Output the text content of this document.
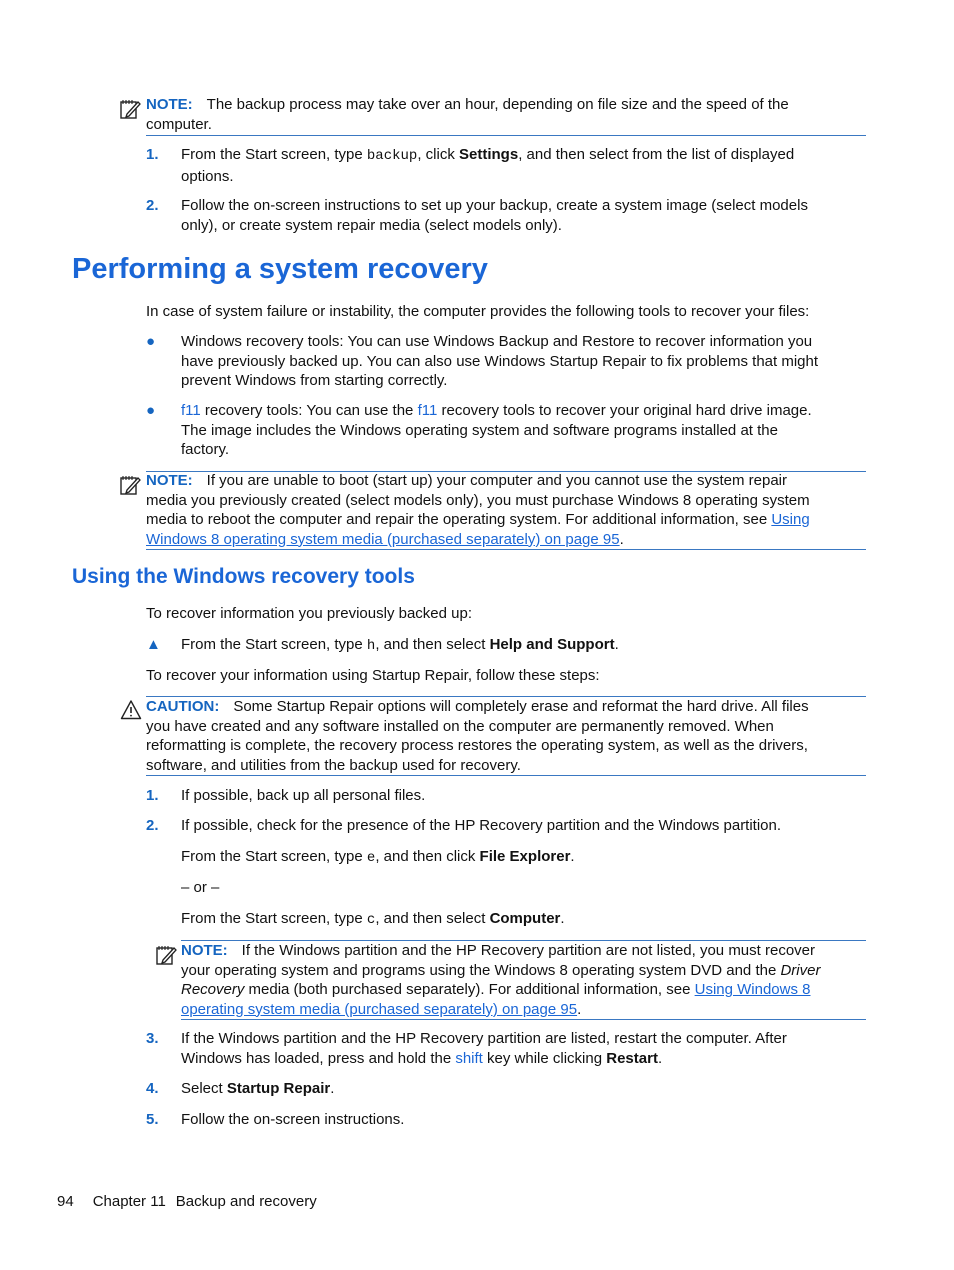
NOTE: The backup process may take over an hour, depending on file size and the speed of the
computer.
1. From the Start screen, type backup, click Settings, and then select from the list of displayed
options.
2. Follow the on-screen instructions to set up your backup, create a system image (select models
only), or create system repair media (select models only).
Performing a system recovery
In case of system failure or instability, the computer provides the following tools to recover your files:
● Windows recovery tools: You can use Windows Backup and Restore to recover information you
have previously backed up. You can also use Windows Startup Repair to fix problems that might
prevent Windows from starting correctly.
● f11 recovery tools: You can use the f11 recovery tools to recover your original hard drive image.
The image includes the Windows operating system and software programs installed at the
factory.
NOTE: If you are unable to boot (start up) your computer and you cannot use the system repair
media you previously created (select models only), you must purchase Windows 8 operating system
media to reboot the computer and repair the operating system. For additional information, see Using
Windows 8 operating system media (purchased separately) on page 95.
Using the Windows recovery tools
To recover information you previously backed up:
▲ From the Start screen, type h, and then select Help and Support.
To recover your information using Startup Repair, follow these steps:
CAUTION: Some Startup Repair options will completely erase and reformat the hard drive. All files
you have created and any software installed on the computer are permanently removed. When
reformatting is complete, the recovery process restores the operating system, as well as the drivers,
software, and utilities from the backup used for recovery.
1. If possible, back up all personal files.
2. If possible, check for the presence of the HP Recovery partition and the Windows partition.
From the Start screen, type e, and then click File Explorer.
– or –
From the Start screen, type c, and then select Computer.
NOTE: If the Windows partition and the HP Recovery partition are not listed, you must recover
your operating system and programs using the Windows 8 operating system DVD and the Driver
Recovery media (both purchased separately). For additional information, see Using Windows 8
operating system media (purchased separately) on page 95.
3. If the Windows partition and the HP Recovery partition are listed, restart the computer. After
Windows has loaded, press and hold the shift key while clicking Restart.
4. Select Startup Repair.
5. Follow the on-screen instructions.
94 Chapter 11 Backup and recovery
